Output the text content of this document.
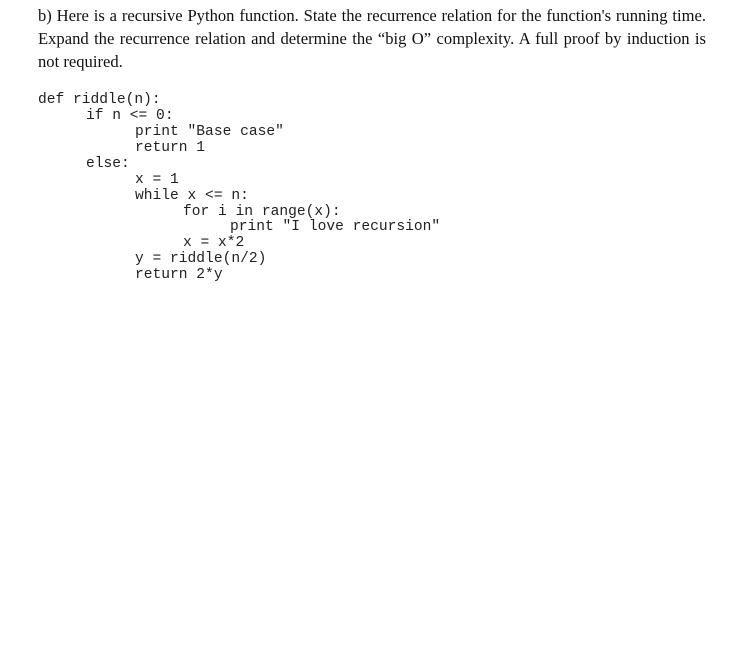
b) Here is a recursive Python function. State the recurrence relation for the function's running time. Expand the recurrence relation and determine the “big O” complexity. A full proof by induction is not required.

def riddle(n):
if n <= 0:
print "Base case"
return 1
else:
x = 1
while x <= n:
for i in range(x):
print "I love recursion"
x = x*2
y = riddle(n/2)
return 2*y
